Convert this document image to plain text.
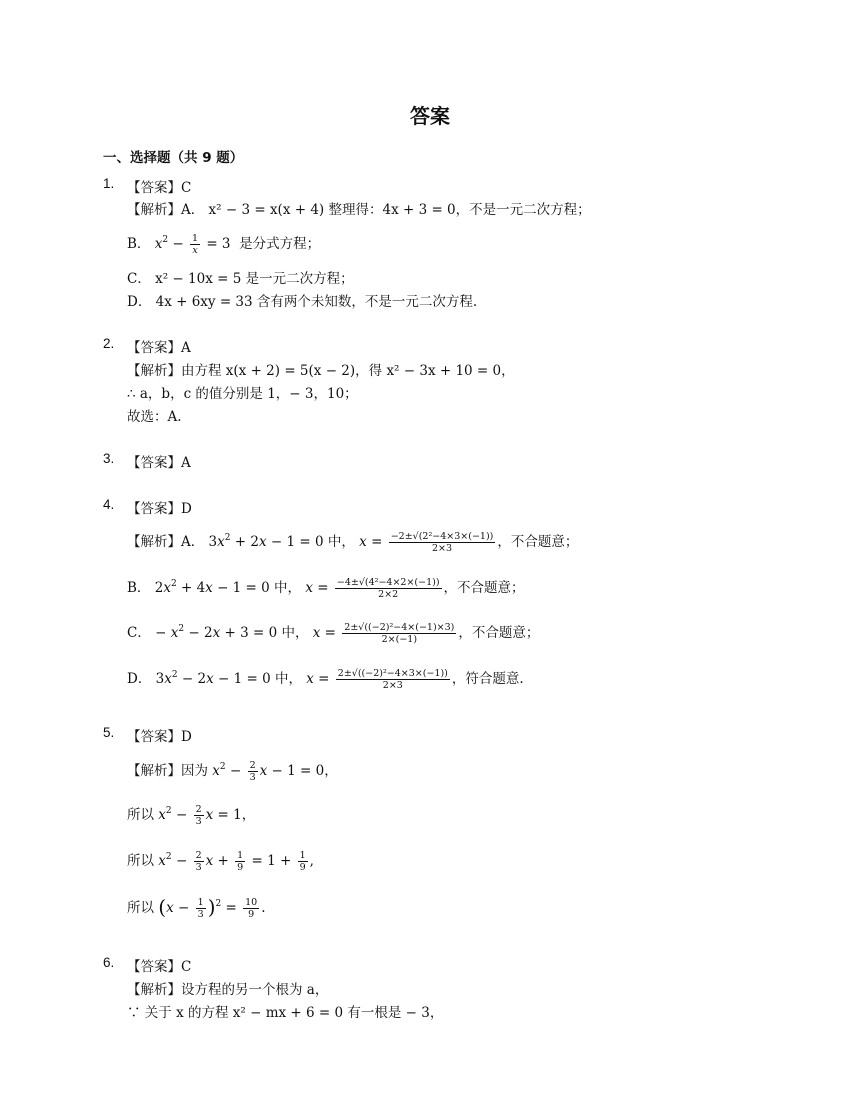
答案
一、选择题（共 9 题）
1. 【答案】C
【解析】A． x² − 3 = x(x + 4) 整理得：4x + 3 = 0，不是一元二次方程；
B． $x^2 - \frac{1}{x} = 3$  是分式方程；
C． x² − 10x = 5 是一元二次方程；
D． 4x + 6xy = 33 含有两个未知数，不是一元二次方程.
2. 【答案】A
【解析】由方程 x(x + 2) = 5(x − 2)，得 x² − 3x + 10 = 0，
∴ a，b，c 的值分别是 1，− 3，10；
故选：A.
3. 【答案】A
4. 【答案】D
【解析】A． $3x^2 + 2x - 1 = 0$ 中， $x = \frac{\text{−2±√(2²−4×3×(−1))}}{2\times 3}$ ，不合题意；
B． $2x^2 + 4x - 1 = 0$ 中， $x = \frac{\text{−4±√(4²−4×2×(−1))}}{2\times 2}$ ，不合题意；
C． − $x^2 - 2x + 3 = 0$ 中， $x = \frac{\text{2±√((−2)²−4×(−1)×3)}}{2\times(-1)}$ ，不合题意；
D． $3x^2 - 2x - 1 = 0$ 中， $x = \frac{\text{2±√((−2)²−4×3×(−1))}}{2\times 3}$ ，符合题意.
5. 【答案】D
【解析】因为 $x^2 - \frac{2}{3}$ x − 1 = 0，
所以 $x^2 - \frac{2}{3}$ x = 1，
所以 $x^2 - \frac{2}{3}$ $x + \frac{1}{9} = 1 + \frac{1}{9}$ ,
所以 $(x - \frac{1}{3} )^2 = \frac{10}{9}$ .
6. 【答案】C
【解析】设方程的另一个根为 a，
∵ 关于 x 的方程 x² − mx + 6 = 0 有一根是 − 3，
